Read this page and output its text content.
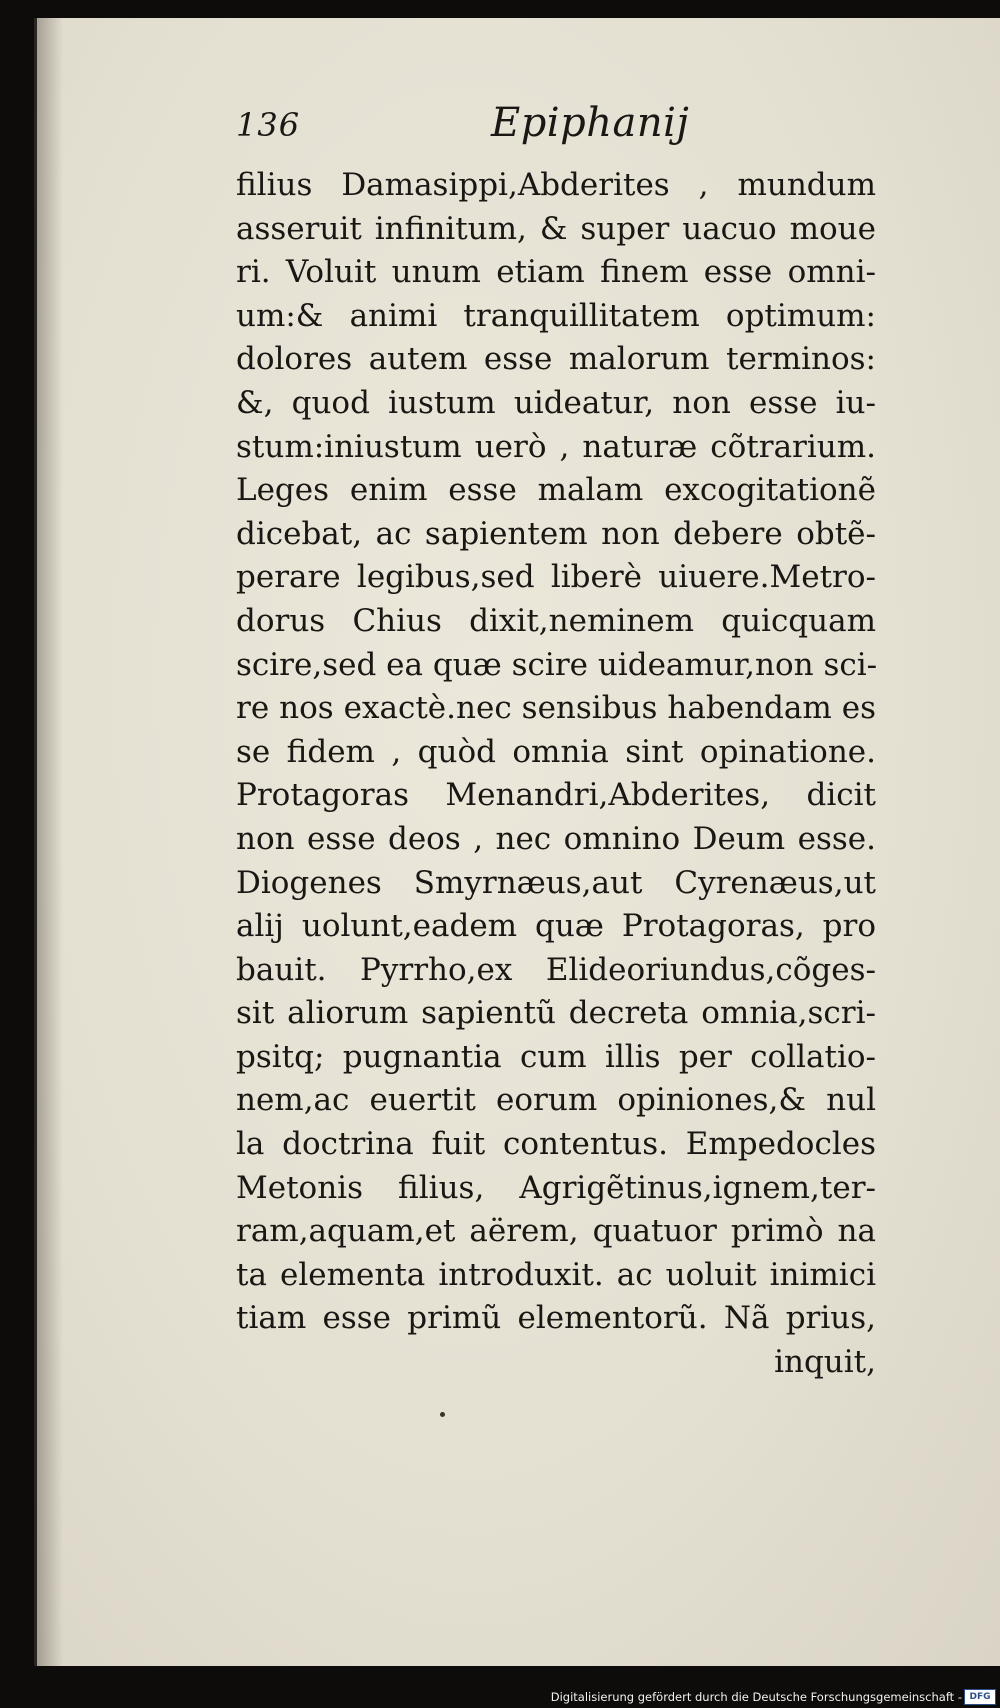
136	Epiphanij
filius Damasippi,Abderites , mundum
asseruit infinitum, & super uacuo moue
ri. Voluit unum etiam finem esse omni-
um:& animi tranquillitatem optimum:
dolores autem esse malorum terminos:
&, quod iustum uideatur, non esse iu-
stum:iniustum uerò , naturæ cõtrarium.
Leges enim esse malam excogitationẽ
dicebat, ac sapientem non debere obtẽ-
perare legibus,sed liberè uiuere.Metro-
dorus Chius dixit,neminem quicquam
scire,sed ea quæ scire uideamur,non sci-
re nos exactè.nec sensibus habendam es
se fidem , quòd omnia sint opinatione.
Protagoras Menandri,Abderites, dicit
non esse deos , nec omnino Deum esse.
Diogenes Smyrnæus,aut Cyrenæus,ut
alij uolunt,eadem quæ Protagoras, pro
bauit. Pyrrho,ex Elideoriundus,cõges-
sit aliorum sapientũ decreta omnia,scri-
psitq; pugnantia cum illis per collatio-
nem,ac euertit eorum opiniones,& nul
la doctrina fuit contentus. Empedocles
Metonis filius, Agrigẽtinus,ignem,ter-
ram,aquam,et aërem, quatuor primò na
ta elementa introduxit. ac uoluit inimici
tiam esse primũ elementorũ. Nã prius,
inquit,
Digitalisierung gefördert durch die Deutsche Forschungsgemeinschaft - DFG
